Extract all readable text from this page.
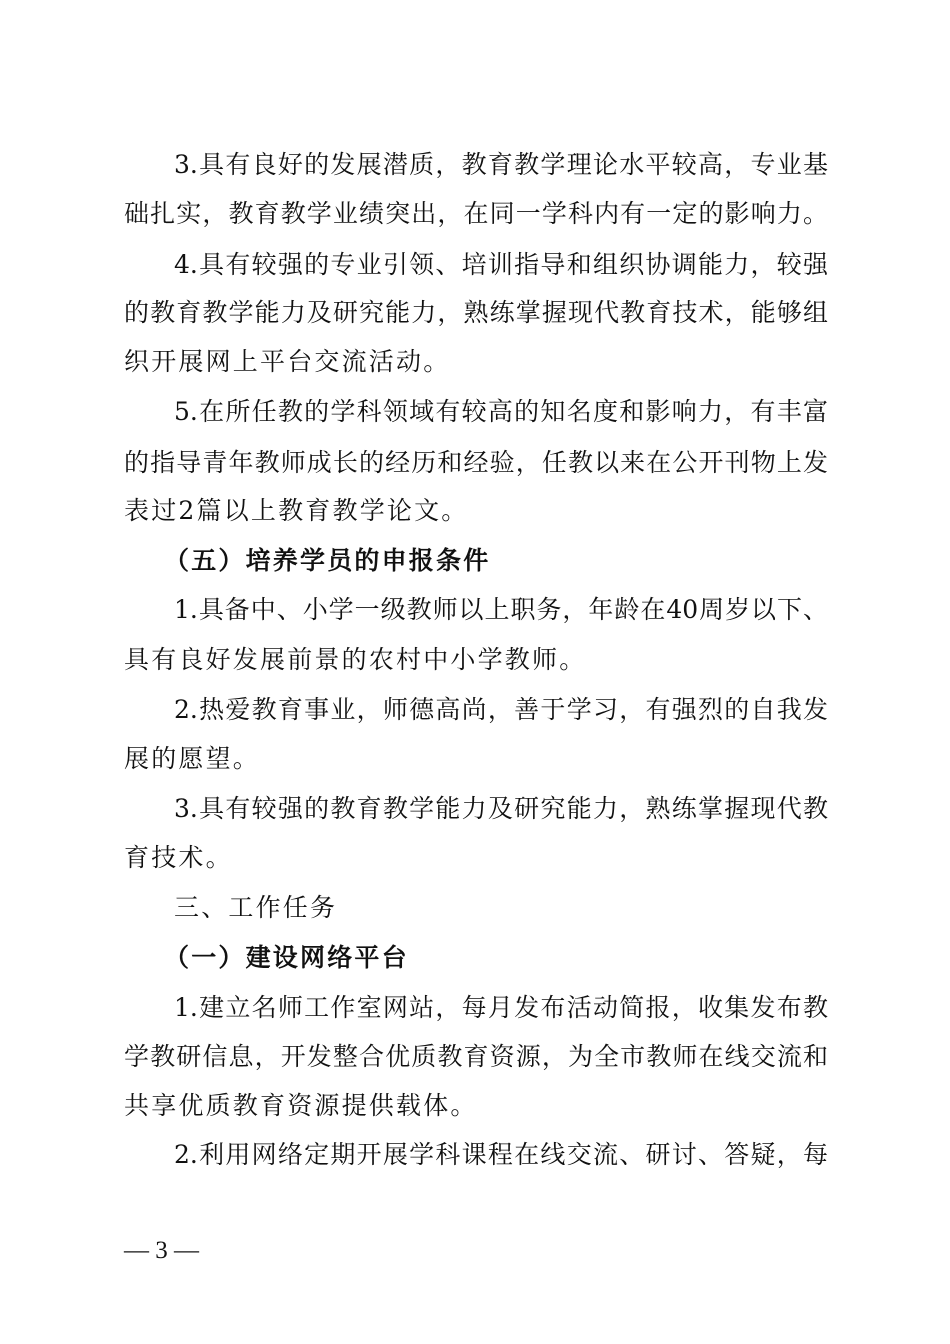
3.具有良好的发展潜质，教育教学理论水平较高，专业基
础扎实，教育教学业绩突出，在同一学科内有一定的影响力。
4.具有较强的专业引领、培训指导和组织协调能力，较强
的教育教学能力及研究能力，熟练掌握现代教育技术，能够组
织开展网上平台交流活动。
5.在所任教的学科领域有较高的知名度和影响力，有丰富
的指导青年教师成长的经历和经验，任教以来在公开刊物上发
表过2篇以上教育教学论文。
（五）培养学员的申报条件
1.具备中、小学一级教师以上职务，年龄在40周岁以下、
具有良好发展前景的农村中小学教师。
2.热爱教育事业，师德高尚，善于学习，有强烈的自我发
展的愿望。
3.具有较强的教育教学能力及研究能力，熟练掌握现代教
育技术。
三、工作任务
（一）建设网络平台
1.建立名师工作室网站，每月发布活动简报，收集发布教
学教研信息，开发整合优质教育资源，为全市教师在线交流和
共享优质教育资源提供载体。
2.利用网络定期开展学科课程在线交流、研讨、答疑，每
— 3 —
